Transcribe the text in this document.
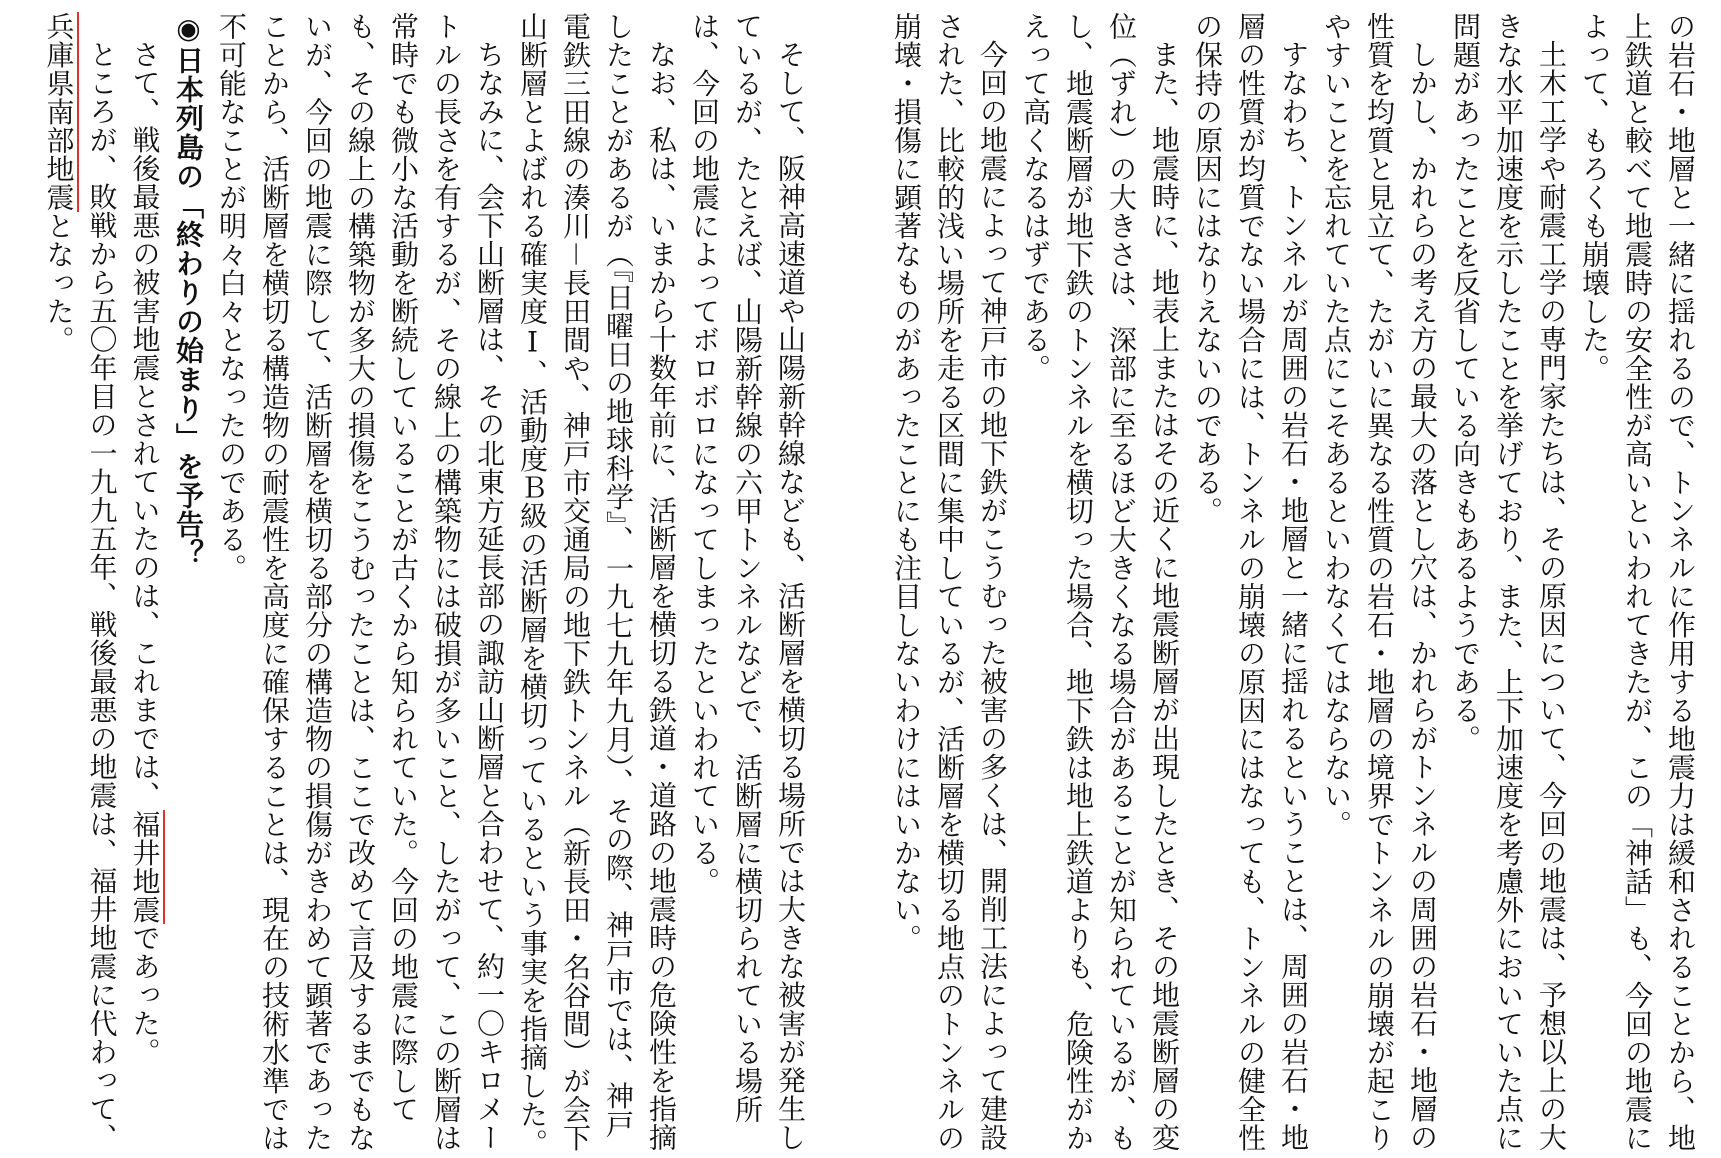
の岩石・地層と一緒に揺れるので、トンネルに作用する地震力は緩和されることから、地上鉄道と較べて地震時の安全性が高いといわれてきたが、この「神話」も、今回の地震によって、もろくも崩壊した。

土木工学や耐震工学の専門家たちは、その原因について、今回の地震は、予想以上の大きな水平加速度を示したことを挙げており、また、上下加速度を考慮外においていた点に問題があったことを反省している向きもあるようである。

しかし、かれらの考え方の最大の落とし穴は、かれらがトンネルの周囲の岩石・地層の性質を均質と見立て、たがいに異なる性質の岩石・地層の境界でトンネルの崩壊が起こりやすいことを忘れていた点にこそあるといわなくてはならない。

すなわち、トンネルが周囲の岩石・地層と一緒に揺れるということは、周囲の岩石・地層の性質が均質でない場合には、トンネルの崩壊の原因にはなっても、トンネルの健全性の保持の原因にはなりえないのである。

また、地震時に、地表上またはその近くに地震断層が出現したとき、その地震断層の変位（ずれ）の大きさは、深部に至るほど大きくなる場合があることが知られているが、もし、地震断層が地下鉄のトンネルを横切った場合、地下鉄は地上鉄道よりも、危険性がかえって高くなるはずである。

今回の地震によって神戸市の地下鉄がこうむった被害の多くは、開削工法によって建設された、比較的浅い場所を走る区間に集中しているが、活断層を横切る地点のトンネルの崩壊・損傷に顕著なものがあったことにも注目しないわけにはいかない。

そして、阪神高速道や山陽新幹線なども、活断層を横切る場所では大きな被害が発生しているが、たとえば、山陽新幹線の六甲トンネルなどで、活断層に横切られている場所は、今回の地震によってボロボロになってしまったといわれている。

なお、私は、いまから十数年前に、活断層を横切る鉄道・道路の地震時の危険性を指摘したことがあるが（『日曜日の地球科学』、一九七九年九月）、その際、神戸市では、神戸電鉄三田線の湊川－長田間や、神戸市交通局の地下鉄トンネル（新長田・名谷間）が会下山断層とよばれる確実度Ⅰ、活動度Ｂ級の活断層を横切っているという事実を指摘した。

ちなみに、会下山断層は、その北東方延長部の諏訪山断層と合わせて、約一〇キロメートルの長さを有するが、その線上の構築物には破損が多いこと、したがって、この断層は常時でも微小な活動を断続していることが古くから知られていた。今回の地震に際しても、その線上の構築物が多大の損傷をこうむったことは、ここで改めて言及するまでもないが、今回の地震に際して、活断層を横切る部分の構造物の損傷がきわめて顕著であったことから、活断層を横切る構造物の耐震性を高度に確保することは、現在の技術水準では不可能なことが明々白々となったのである。

◉日本列島の「終わりの始まり」を予告？

さて、戦後最悪の被害地震とされていたのは、これまでは、福井地震であった。

ところが、敗戦から五〇年目の一九九五年、戦後最悪の地震は、福井地震に代わって、兵庫県南部地震となった。
